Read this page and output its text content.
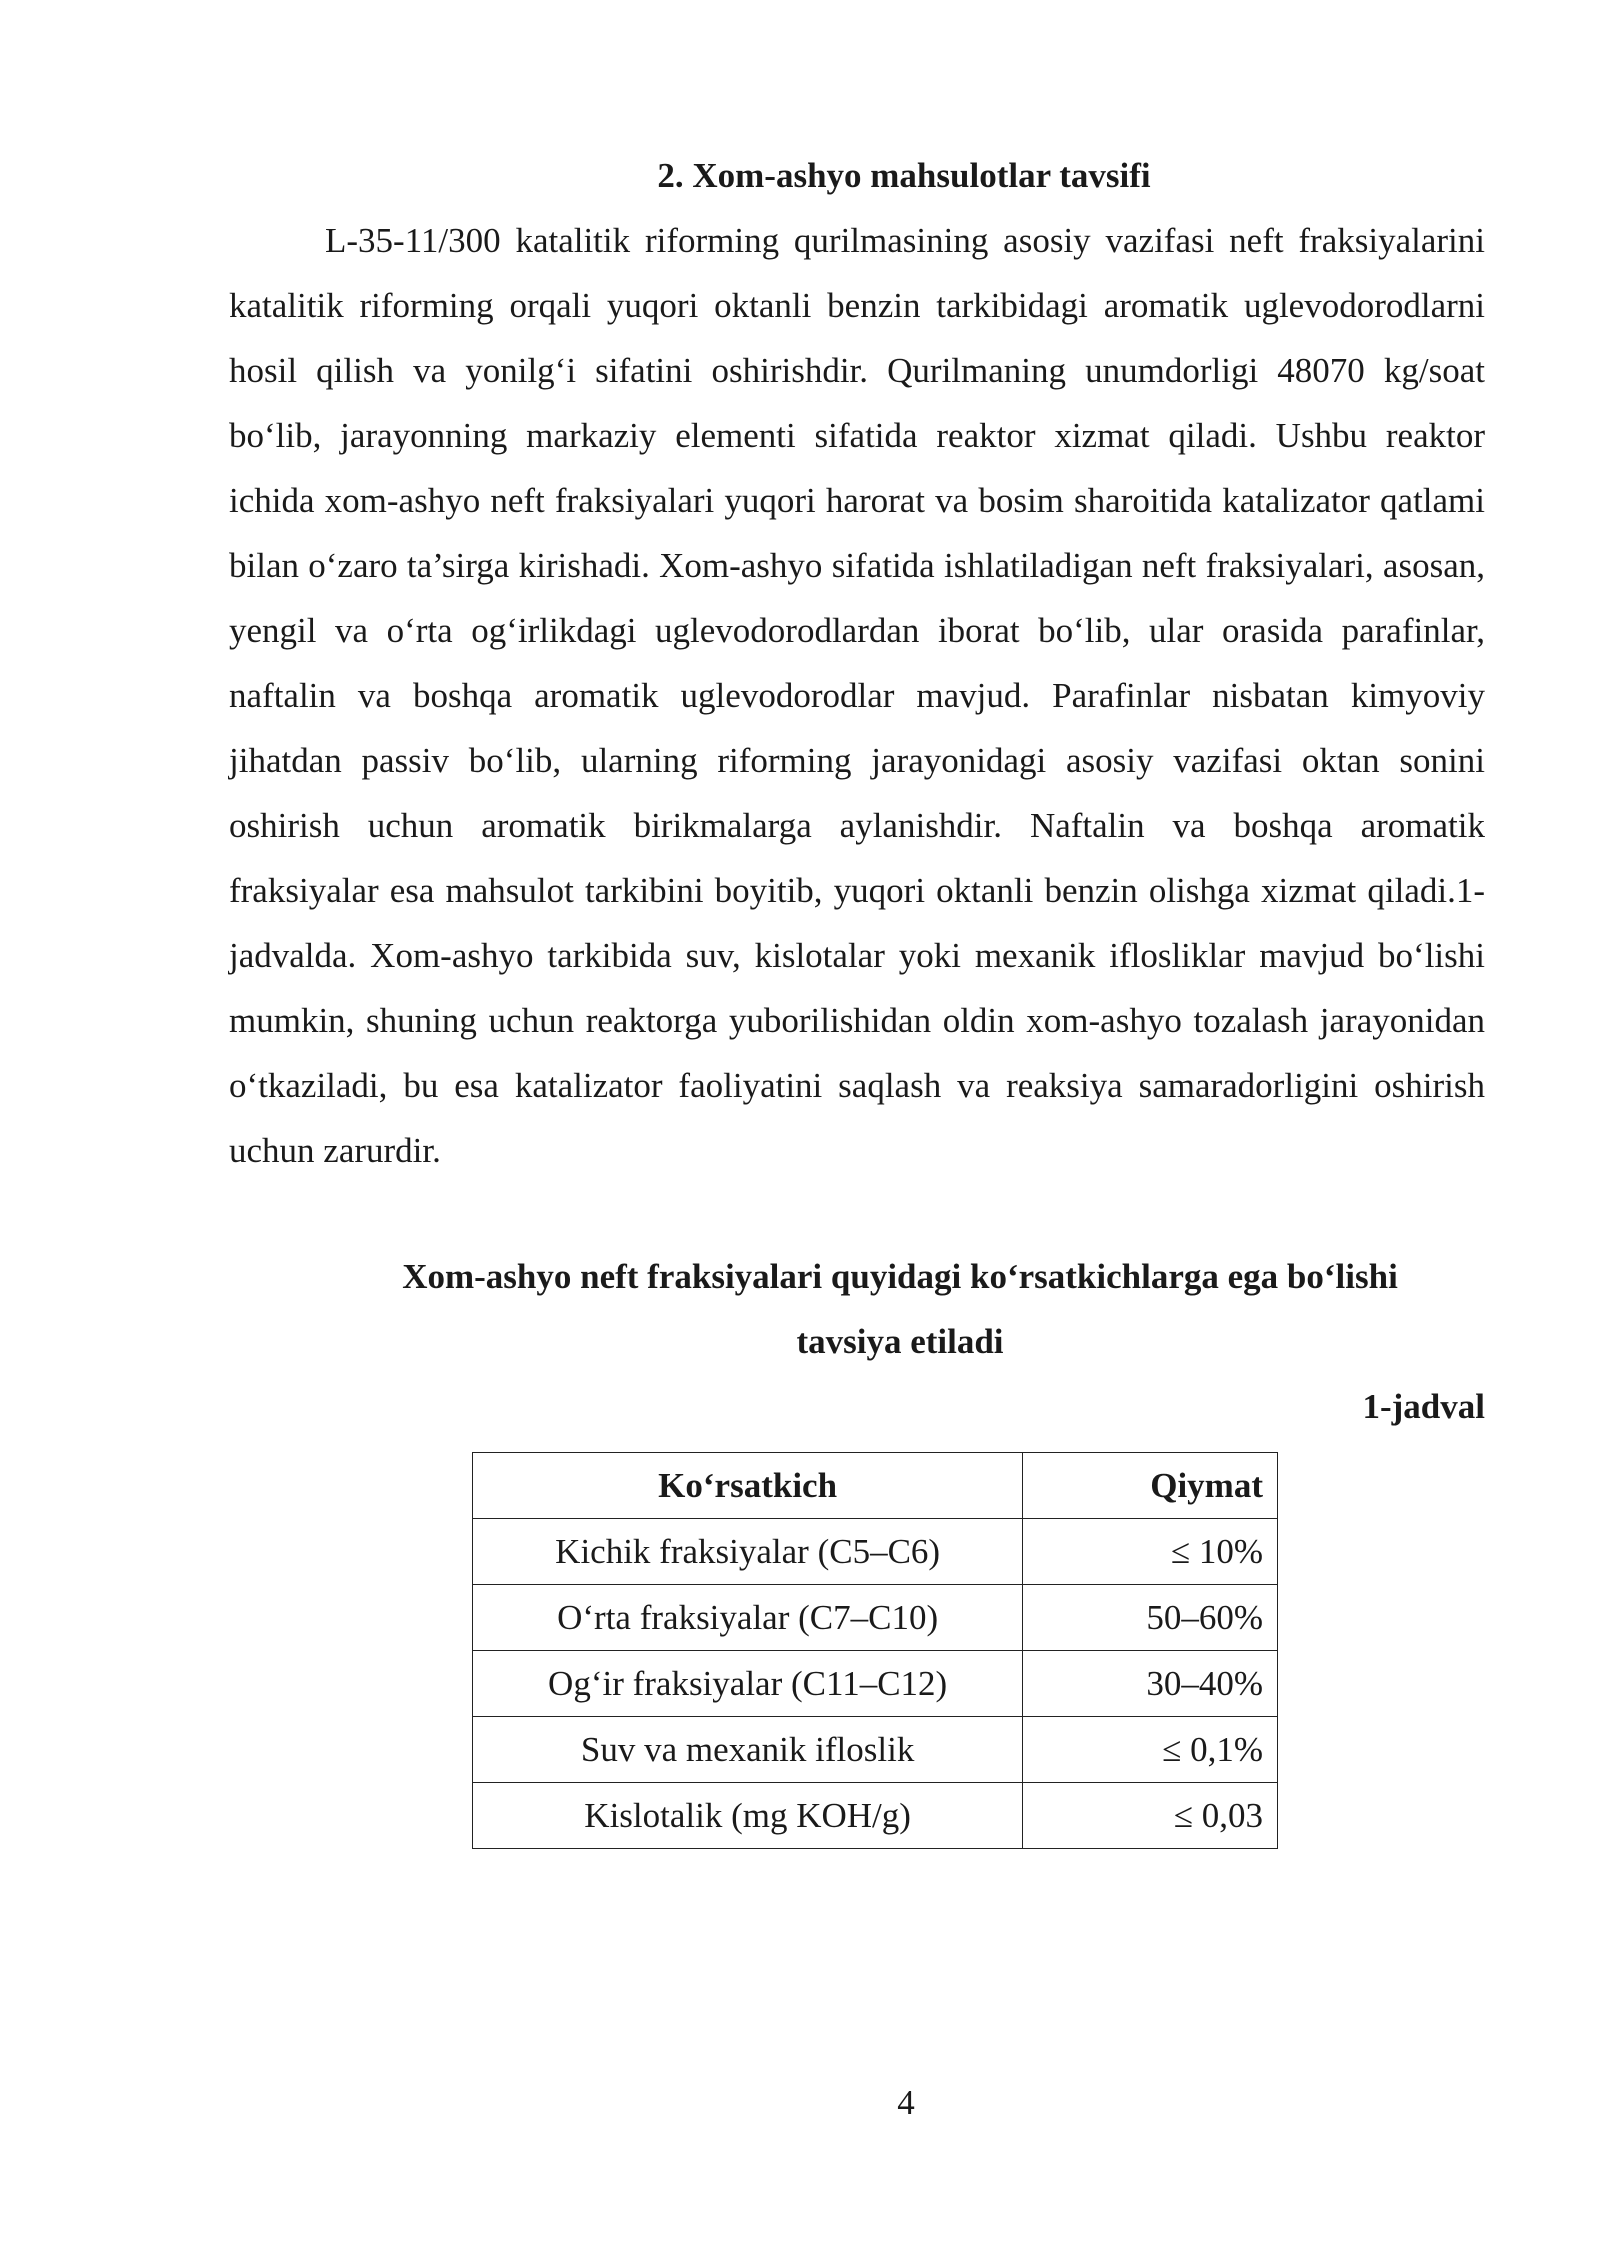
2. Xom-ashyo mahsulotlar tavsifi

L-35-11/300 katalitik riforming qurilmasining asosiy vazifasi neft fraksiyalarini katalitik riforming orqali yuqori oktanli benzin tarkibidagi aromatik uglevodorodlarni hosil qilish va yonilg‘i sifatini oshirishdir. Qurilmaning unumdorligi 48070 kg/soat bo‘lib, jarayonning markaziy elementi sifatida reaktor xizmat qiladi. Ushbu reaktor ichida xom-ashyo neft fraksiyalari yuqori harorat va bosim sharoitida katalizator qatlami bilan o‘zaro ta’sirga kirishadi. Xom-ashyo sifatida ishlatiladigan neft fraksiyalari, asosan, yengil va o‘rta og‘irlikdagi uglevodorodlardan iborat bo‘lib, ular orasida parafinlar, naftalin va boshqa aromatik uglevodorodlar mavjud. Parafinlar nisbatan kimyoviy jihatdan passiv bo‘lib, ularning riforming jarayonidagi asosiy vazifasi oktan sonini oshirish uchun aromatik birikmalarga aylanishdir. Naftalin va boshqa aromatik fraksiyalar esa mahsulot tarkibini boyitib, yuqori oktanli benzin olishga xizmat qiladi.1-jadvalda. Xom-ashyo tarkibida suv, kislotalar yoki mexanik iflosliklar mavjud bo‘lishi mumkin, shuning uchun reaktorga yuborilishidan oldin xom-ashyo tozalash jarayonidan o‘tkaziladi, bu esa katalizator faoliyatini saqlash va reaksiya samaradorligini oshirish uchun zarurdir.

Xom-ashyo neft fraksiyalari quyidagi ko‘rsatkichlarga ega bo‘lishi tavsiya etiladi

1-jadval

Ko‘rsatkich	Qiymat
Kichik fraksiyalar (C5–C6)	≤ 10%
O‘rta fraksiyalar (C7–C10)	50–60%
Og‘ir fraksiyalar (C11–C12)	30–40%
Suv va mexanik ifloslik	≤ 0,1%
Kislotalik (mg KOH/g)	≤ 0,03

4
